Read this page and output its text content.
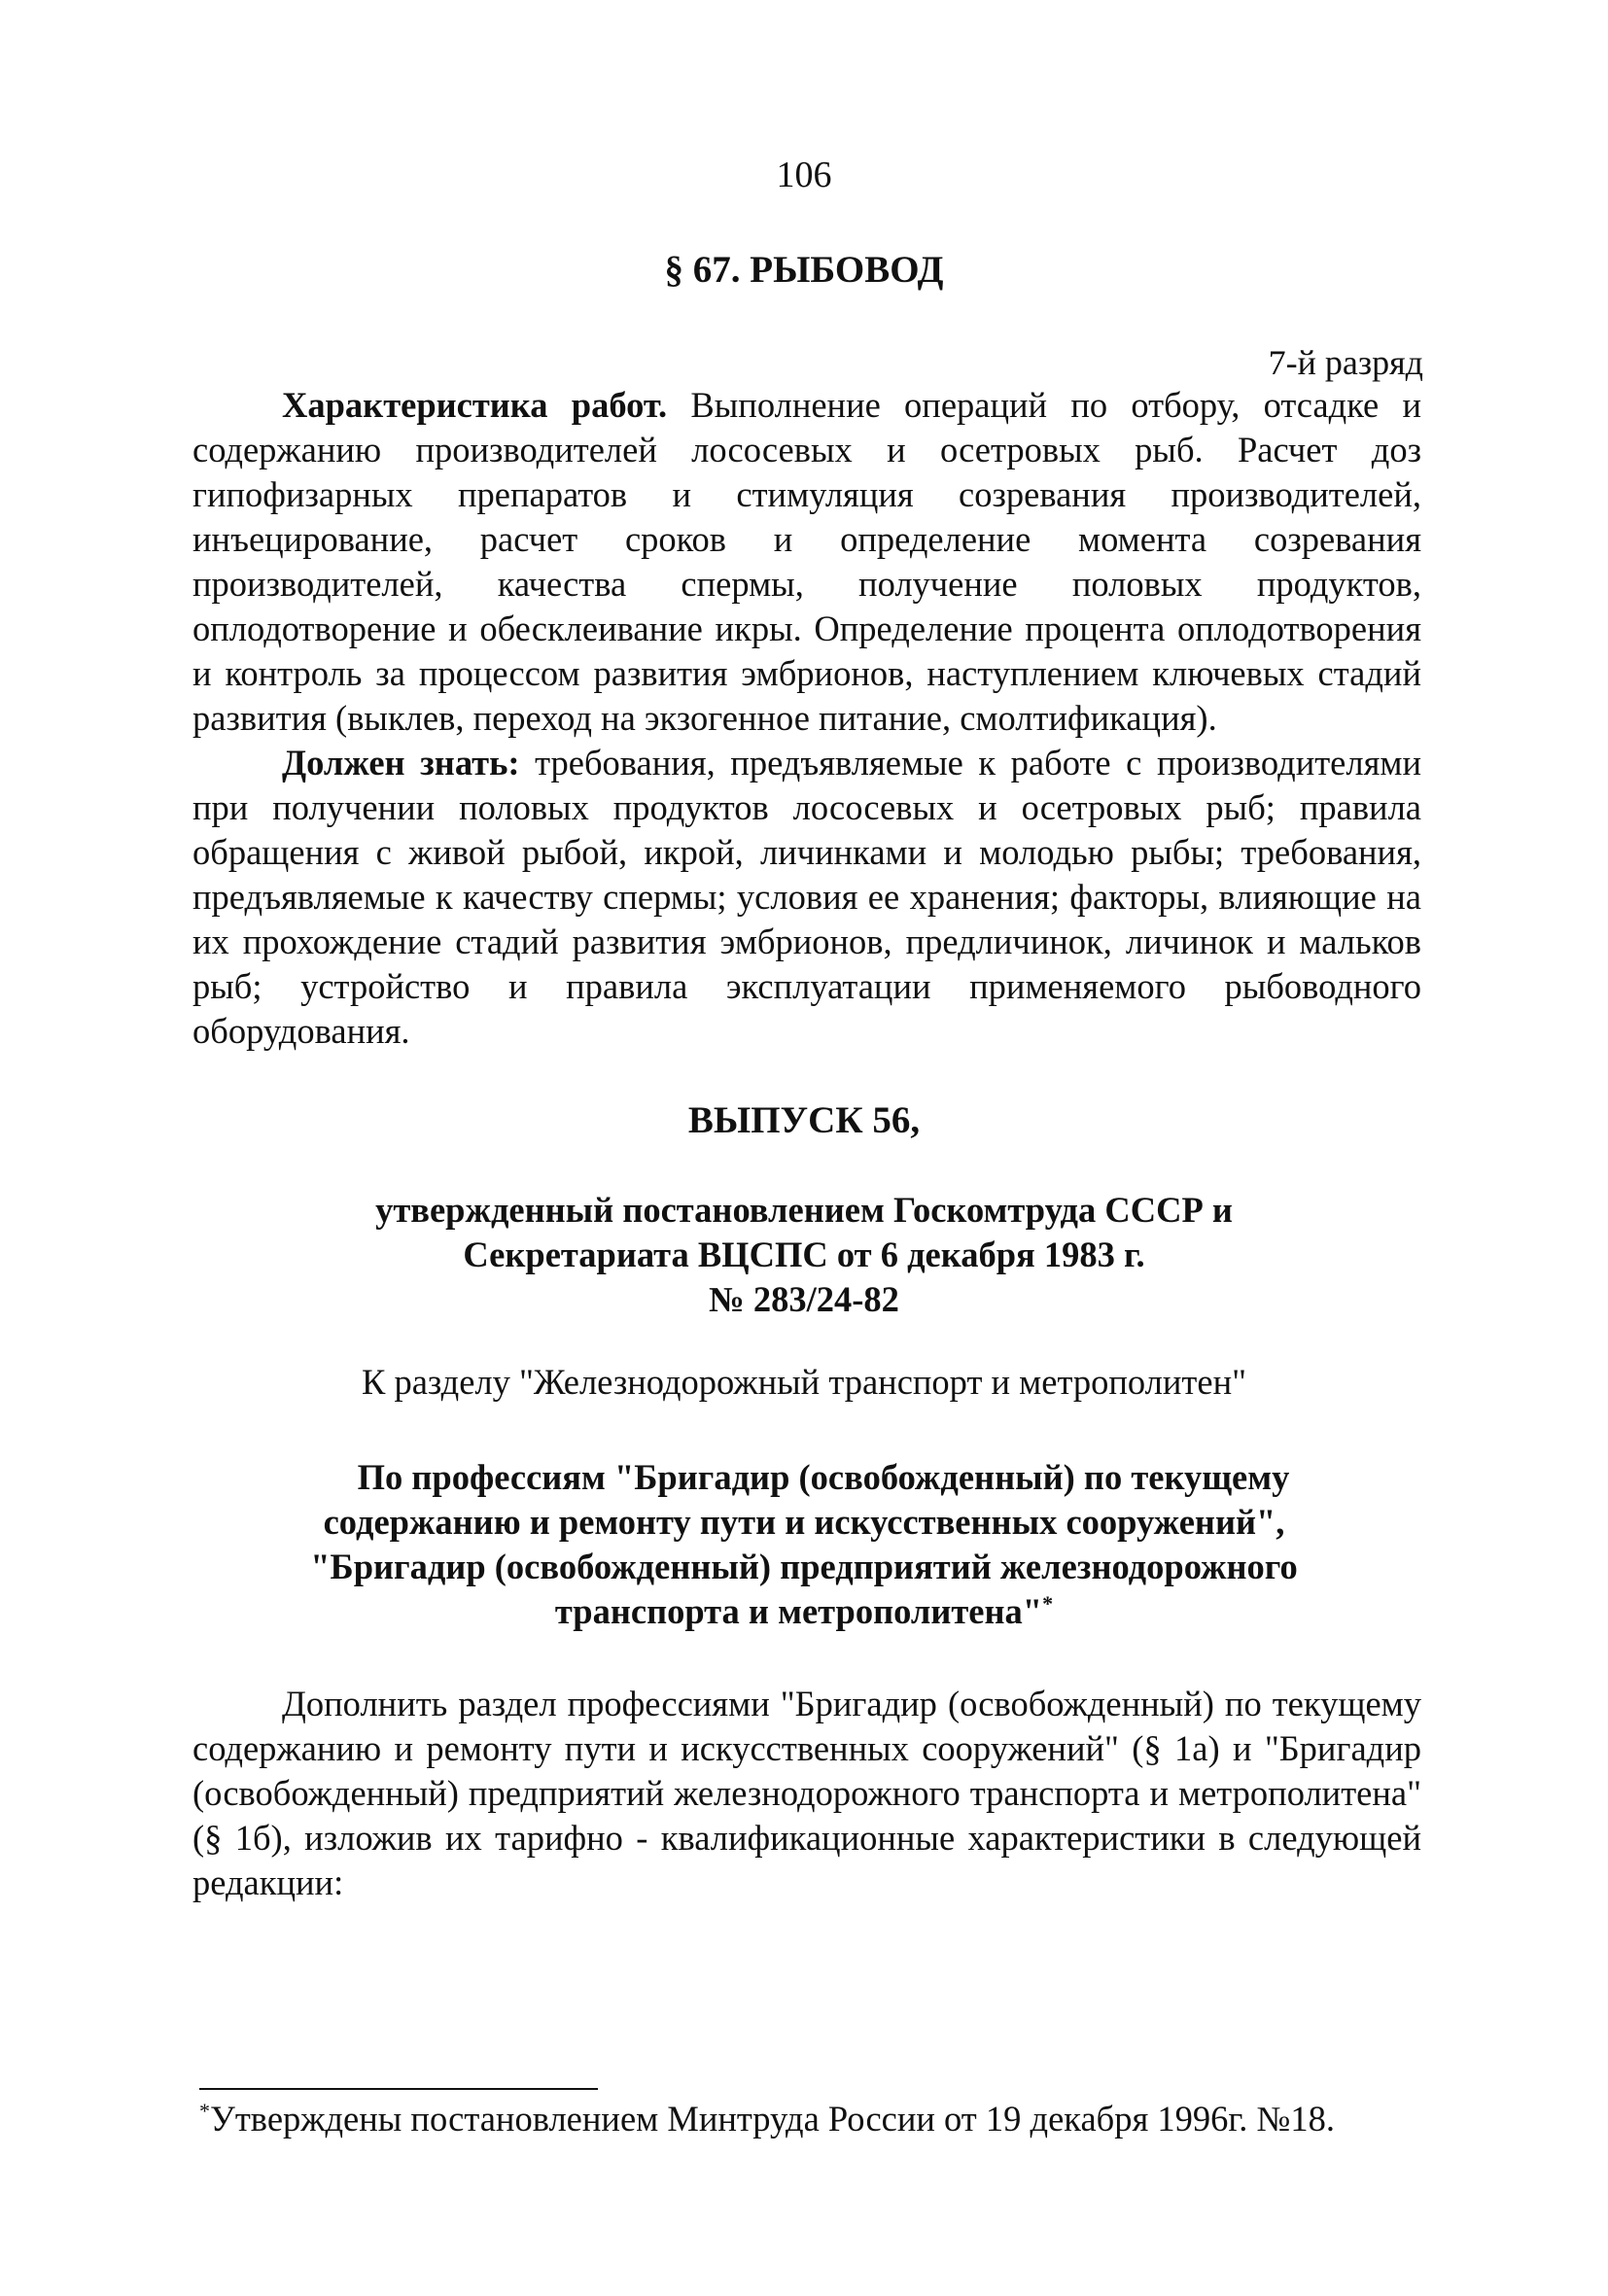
106
§ 67. РЫБОВОД
7-й разряд

Характеристика работ. Выполнение операций по отбору, отсадке и содержанию производителей лососевых и осетровых рыб. Расчет доз гипофизарных препаратов и стимуляция созревания производителей, инъецирование, расчет сроков и определение момента созревания производителей, качества спермы, получение половых продуктов, оплодотворение и обесклеивание икры. Определение процента оплодотворения и контроль за процессом развития эмбрионов, наступлением ключевых стадий развития (выклев, переход на экзогенное питание, смолтификация).

Должен знать: требования, предъявляемые к работе с производителями при получении половых продуктов лососевых и осетровых рыб; правила обращения с живой рыбой, икрой, личинками и молодью рыбы; требования, предъявляемые к качеству спермы; условия ее хранения; факторы, влияющие на их прохождение стадий развития эмбрионов, предличинок, личинок и мальков рыб; устройство и правила эксплуатации применяемого рыбоводного оборудования.

ВЫПУСК 56,
утвержденный постановлением Госкомтруда СССР и
Секретариата ВЦСПС от 6 декабря 1983 г.
№ 283/24-82
К разделу "Железнодорожный транспорт и метрополитен"
По профессиям "Бригадир (освобожденный) по текущему
содержанию и ремонту пути и искусственных сооружений",
"Бригадир (освобожденный) предприятий железнодорожного
транспорта и метрополитена"*

Дополнить раздел профессиями "Бригадир (освобожденный) по текущему содержанию и ремонту пути и искусственных сооружений" (§ 1а) и "Бригадир (освобожденный) предприятий железнодорожного транспорта и метрополитена" (§ 1б), изложив их тарифно - квалификационные характеристики в следующей редакции:

*Утверждены постановлением Минтруда России от 19 декабря 1996г. №18.
